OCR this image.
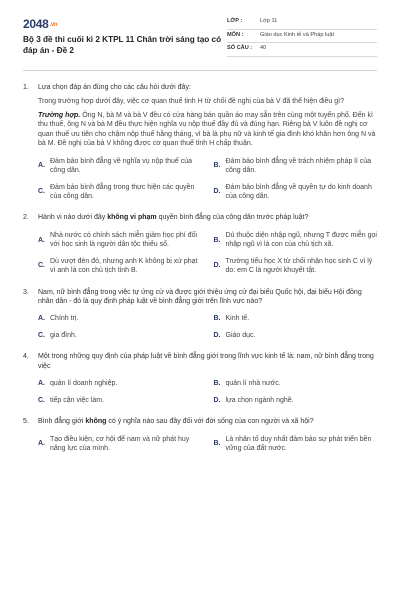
2048.vn
Bộ 3 đề thi cuối kì 2 KTPL 11 Chân trời sáng tạo có đáp án - Đề 2
LỚP :	Lớp 11
MÔN :	Giáo dục Kinh tế và Pháp luật
SỐ CÂU :	40
1.	Lựa chọn đáp án đúng cho các câu hỏi dưới đây:
Trong trường hợp dưới đây, việc cơ quan thuế tỉnh H từ chối đề nghị của bà V đã thể hiện điều gì?
Trường hợp. Ông N, bà M và bà V đều có cửa hàng bán quần áo may sẵn trên cùng một tuyến phố. Đến kì thu thuế, ông N và bà M đều thực hiện nghĩa vụ nộp thuế đầy đủ và đúng hạn. Riêng bà V luôn đề nghị cơ quan thuế ưu tiên cho chậm nộp thuế hằng tháng, vì bà là phụ nữ và kinh tế gia đình khó khăn hơn ông N và bà M. Đề nghị của bà V không được cơ quan thuế tỉnh H chấp thuận.
A.
Đảm bảo bình đẳng về nghĩa vụ nộp thuế của công dân.
B.
Đảm bảo bình đẳng về trách nhiệm pháp lí của công dân.
C.
Đảm bảo bình đẳng trong thực hiện các quyền của công dân.
D.
Đảm bảo bình đẳng về quyền tự do kinh doanh của công dân.
2.	Hành vi nào dưới đây không vi phạm quyền bình đẳng của công dân trước pháp luật?
A.
Nhà nước có chính sách miễn giảm học phí đối với học sinh là người dân tộc thiểu số.
B.
Dù thuộc diện nhập ngũ, nhưng T được miễn gọi nhập ngũ vì là con của chủ tịch xã.
C.
Dù vượt đèn đỏ, nhưng anh K không bị xử phạt vì anh là con chủ tịch tỉnh B.
D.
Trường tiểu học X từ chối nhận học sinh C vì lý do: em C là người khuyết tật.
3.	Nam, nữ bình đẳng trong việc tự ứng cử và được giới thiệu ứng cử đại biểu Quốc hội, đại biểu Hội đồng nhân dân - đó là quy định pháp luật về bình đẳng giới trên lĩnh vực nào?
A. Chính trị.	B. Kinh tế.
C. gia đình.	D. Giáo dục.
4.	Một trong những quy định của pháp luật về bình đẳng giới trong lĩnh vực kinh tế là: nam, nữ bình đẳng trong việc
A. quản lí doanh nghiệp.	B. quản lí nhà nước.
C. tiếp cận việc làm.	D. lựa chọn ngành nghề.
5.	Bình đẳng giới không có ý nghĩa nào sau đây đối với đời sống của con người và xã hội?
A.
Tạo điều kiện, cơ hội để nam và nữ phát huy năng lực của mình.
B.
Là nhân tố duy nhất đảm bảo sự phát triển bền vững của đất nước.
